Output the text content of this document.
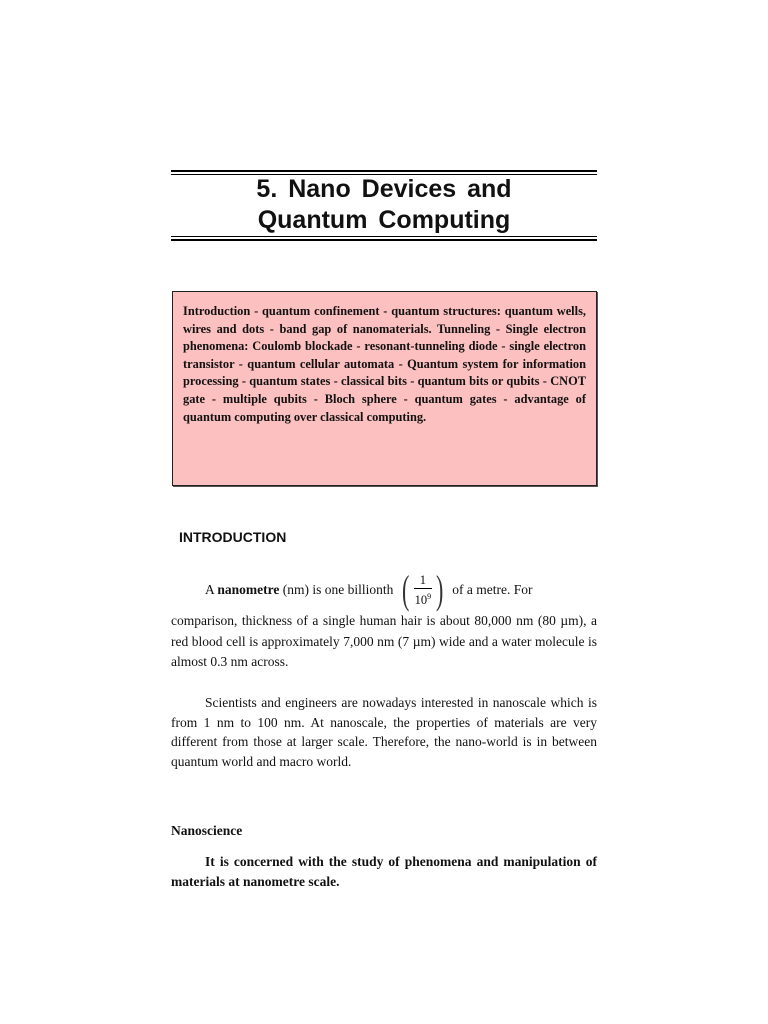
5. Nano Devices and
Quantum Computing
Introduction - quantum confinement - quantum structures: quantum wells, wires and dots - band gap of nanomaterials. Tunneling - Single electron phenomena: Coulomb blockade - resonant-tunneling diode - single electron transistor - quantum cellular automata - Quantum system for information processing - quantum states - classical bits - quantum bits or qubits - CNOT gate - multiple qubits - Bloch sphere - quantum gates - advantage of quantum computing over classical computing.
INTRODUCTION
A nanometre (nm) is one billionth ( $\frac{1}{10^9}$ ) of a metre. For

comparison, thickness of a single human hair is about 80,000 nm (80 µm), a red blood cell is approximately 7,000 nm (7 µm) wide and a water molecule is almost 0.3 nm across.

Scientists and engineers are nowadays interested in nanoscale which is from 1 nm to 100 nm. At nanoscale, the properties of materials are very different from those at larger scale. Therefore, the nano-world is in between quantum world and macro world.

Nanoscience

It is concerned with the study of phenomena and manipulation of materials at nanometre scale.
